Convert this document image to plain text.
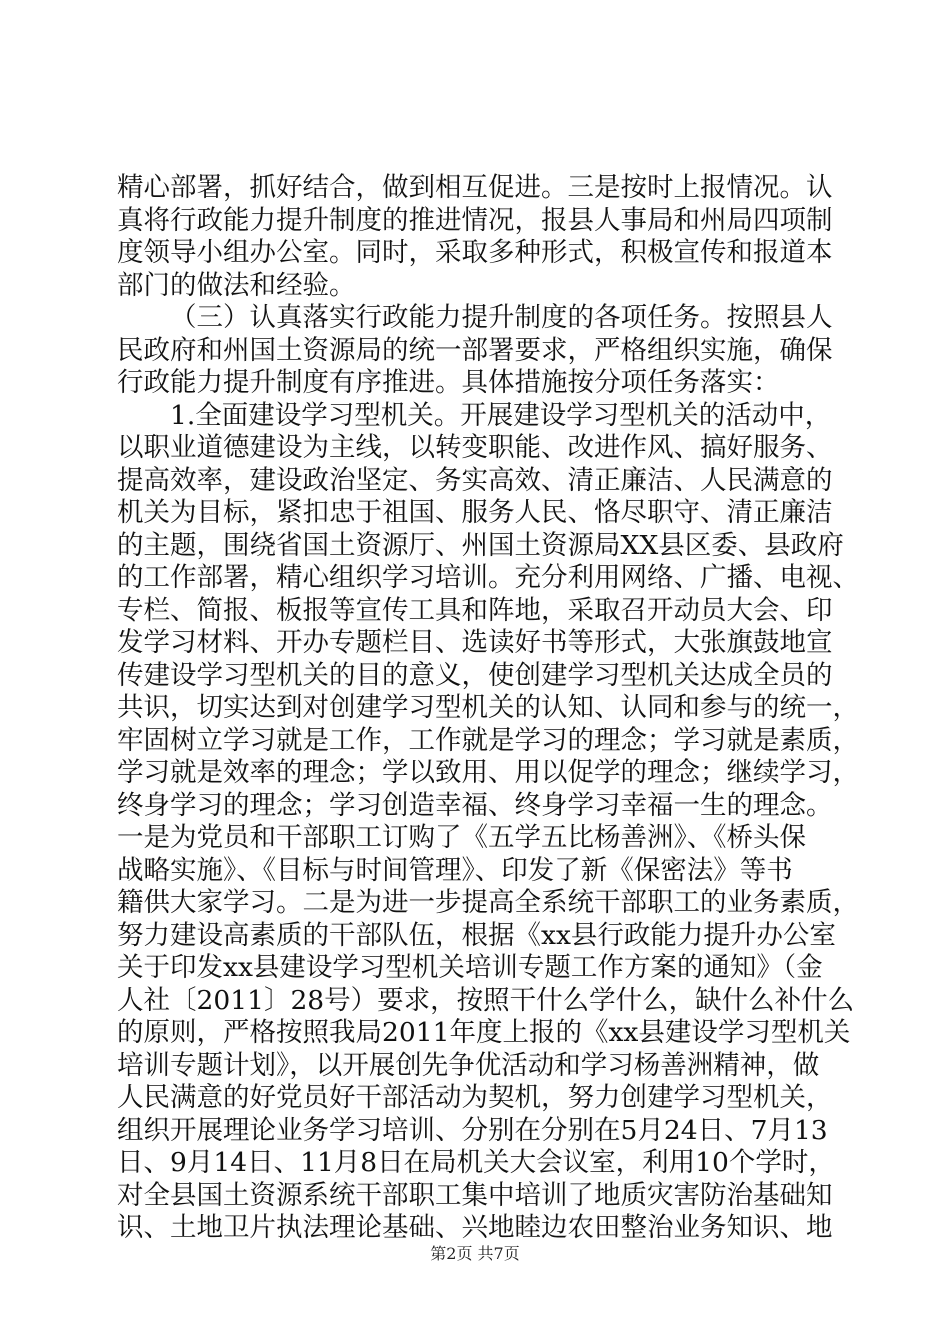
精心部署，抓好结合，做到相互促进。三是按时上报情况。认
真将行政能力提升制度的推进情况，报县人事局和州局四项制
度领导小组办公室。同时，采取多种形式，积极宣传和报道本
部门的做法和经验。
（三）认真落实行政能力提升制度的各项任务。按照县人
民政府和州国土资源局的统一部署要求，严格组织实施，确保
行政能力提升制度有序推进。具体措施按分项任务落实：
1.全面建设学习型机关。开展建设学习型机关的活动中，
以职业道德建设为主线，以转变职能、改进作风、搞好服务、
提高效率，建设政治坚定、务实高效、清正廉洁、人民满意的
机关为目标，紧扣忠于祖国、服务人民、恪尽职守、清正廉洁
的主题，围绕省国土资源厅、州国土资源局XX县区委、县政府
的工作部署，精心组织学习培训。充分利用网络、广播、电视、
专栏、简报、板报等宣传工具和阵地，采取召开动员大会、印
发学习材料、开办专题栏目、选读好书等形式，大张旗鼓地宣
传建设学习型机关的目的意义，使创建学习型机关达成全员的
共识，切实达到对创建学习型机关的认知、认同和参与的统一，
牢固树立学习就是工作，工作就是学习的理念；学习就是素质，
学习就是效率的理念；学以致用、用以促学的理念；继续学习，
终身学习的理念；学习创造幸福、终身学习幸福一生的理念。
一是为党员和干部职工订购了《五学五比杨善洲》、《桥头保
战略实施》、《目标与时间管理》、印发了新《保密法》等书
籍供大家学习。二是为进一步提高全系统干部职工的业务素质，
努力建设高素质的干部队伍，根据《xx县行政能力提升办公室
关于印发xx县建设学习型机关培训专题工作方案的通知》（金
人社〔2011〕28号）要求，按照干什么学什么，缺什么补什么
的原则，严格按照我局2011年度上报的《xx县建设学习型机关
培训专题计划》，以开展创先争优活动和学习杨善洲精神，做
人民满意的好党员好干部活动为契机，努力创建学习型机关，
组织开展理论业务学习培训、分别在分别在5月24日、7月13
日、9月14日、11月8日在局机关大会议室，利用10个学时，
对全县国土资源系统干部职工集中培训了地质灾害防治基础知
识、土地卫片执法理论基础、兴地睦边农田整治业务知识、地
第2页 共7页
